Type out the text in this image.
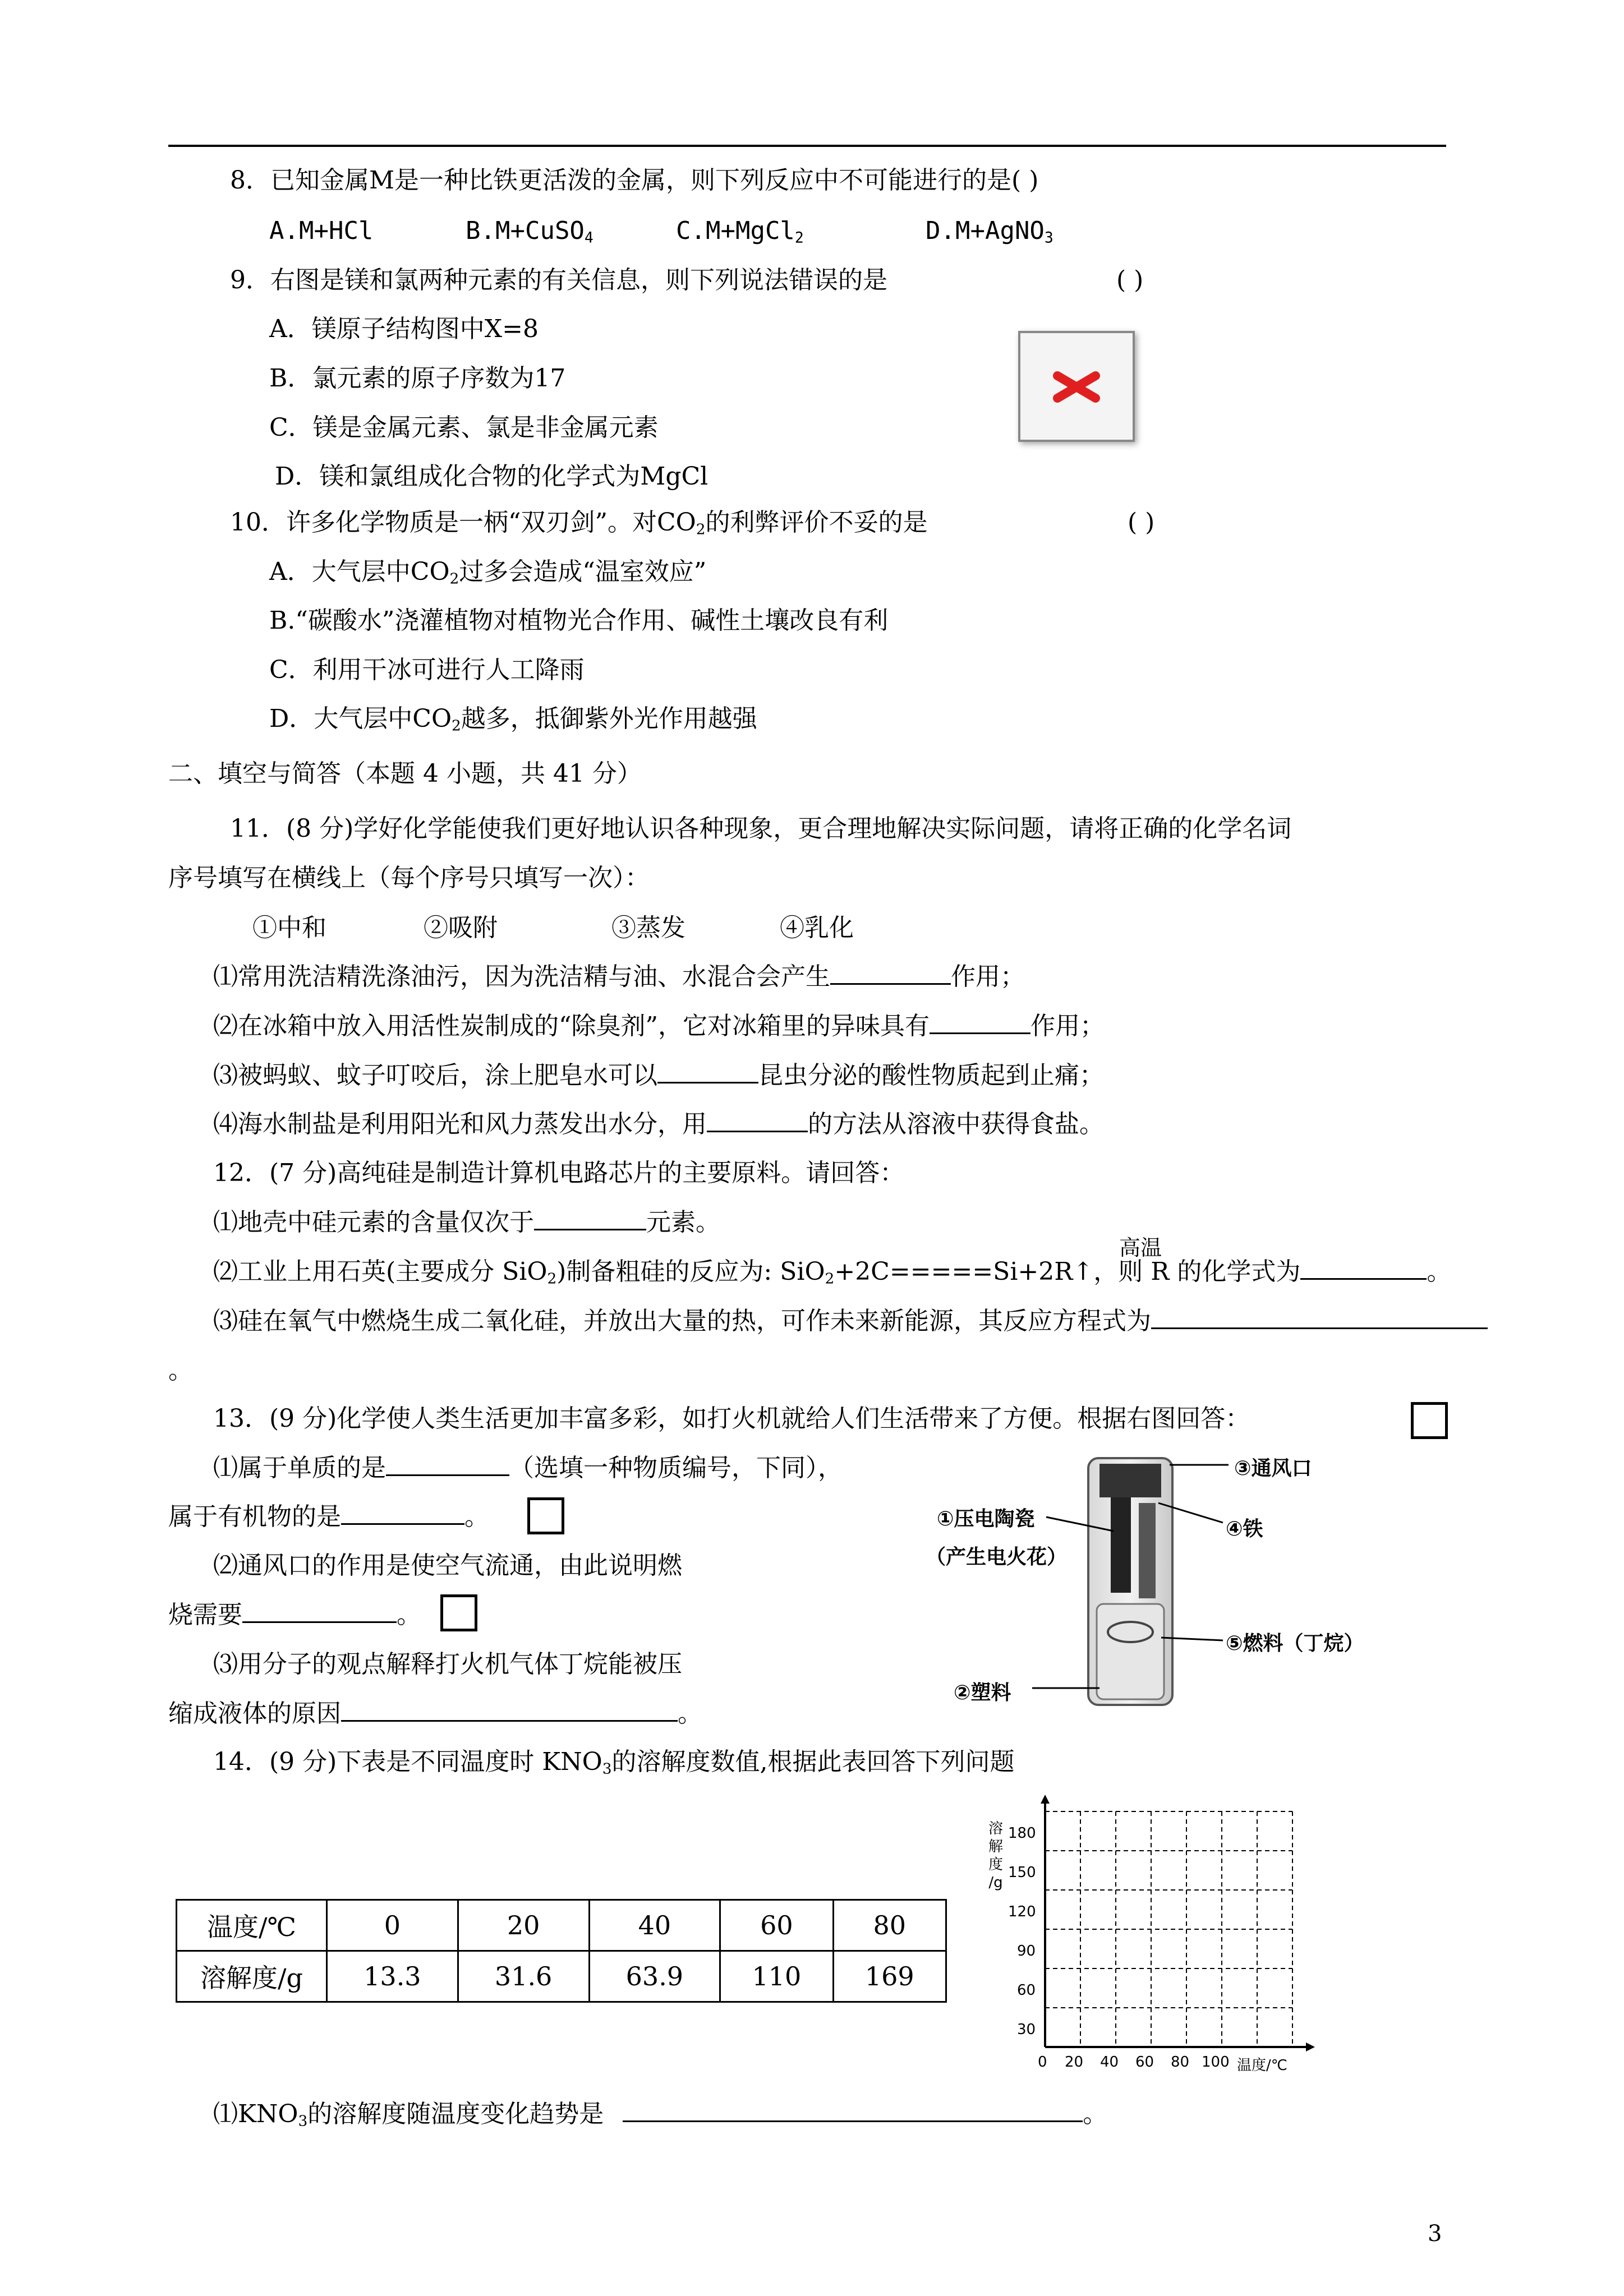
8．已知金属M是一种比铁更活泼的金属，则下列反应中不可能进行的是( )
A.M+HCl	B.M+CuSO$_4$	C.M+MgCl$_2$	D.M+AgNO$_3$
9．右图是镁和氯两种元素的有关信息，则下列说法错误的是	( )
A．镁原子结构图中X=8
B．氯元素的原子序数为17
C．镁是金属元素、氯是非金属元素
D．镁和氯组成化合物的化学式为MgCl
10．许多化学物质是一柄“双刃剑”。对$CO_2$的利弊评价不妥的是	( )
A．大气层中$CO_2$过多会造成“温室效应”
B.“碳酸水”浇灌植物对植物光合作用、碱性土壤改良有利
C．利用干冰可进行人工降雨
D．大气层中$CO_2$越多，抵御紫外光作用越强
二、填空与简答（本题 4 小题，共 41 分）
11．(8 分)学好化学能使我们更好地认识各种现象，更合理地解决实际问题，请将正确的化学名词
序号填写在横线上（每个序号只填写一次）：
①中和	②吸附	③蒸发	④乳化
⑴常用洗洁精洗涤油污，因为洗洁精与油、水混合会产生	作用；
⑵在冰箱中放入用活性炭制成的“除臭剂”，它对冰箱里的异味具有	作用；
⑶被蚂蚁、蚊子叮咬后，涂上肥皂水可以	昆虫分泌的酸性物质起到止痛；
⑷海水制盐是利用阳光和风力蒸发出水分，用	的方法从溶液中获得食盐。
12．(7 分)高纯硅是制造计算机电路芯片的主要原料。请回答：
⑴地壳中硅元素的含量仅次于	元素。
高温
⑵工业上用石英(主要成分 SiO$_2$)制备粗硅的反应为: SiO$_2$+2C=====Si+2R↑，则 R 的化学式为	。
⑶硅在氧气中燃烧生成二氧化硅，并放出大量的热，可作未来新能源，其反应方程式为
。
13．(9 分)化学使人类生活更加丰富多彩，如打火机就给人们生活带来了方便。根据右图回答：
⑴属于单质的是	（选填一种物质编号，下同），
属于有机物的是	。
⑵通风口的作用是使空气流通，由此说明燃
烧需要	。
⑶用分子的观点解释打火机气体丁烷能被压
缩成液体的原因	。
③通风口
①压电陶瓷
（产生电火花）
④铁
②塑料
⑤燃料（丁烷）
14．(9 分)下表是不同温度时 $KNO_3$的溶解度数值,根据此表回答下列问题
温度/℃	0	20	40	60	80
溶解度/g	13.3	31.6	63.9	110	169
溶
解
度
/g
180
150
120
90
60
30
0 20 40 60 80 100 温度/℃
$⑴KNO_3$的溶解度随温度变化趋势是	。
3
